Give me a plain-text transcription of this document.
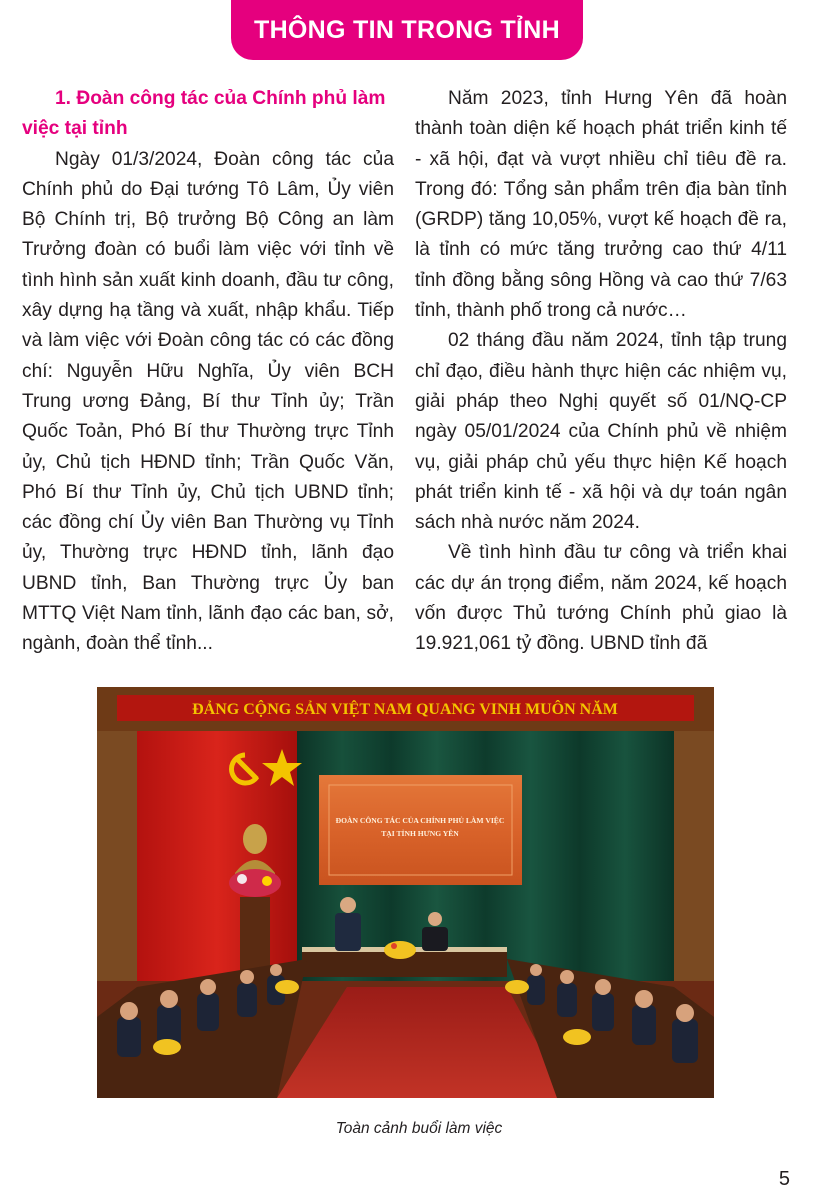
THÔNG TIN TRONG TỈNH
1. Đoàn công tác của Chính phủ làm việc tại tỉnh

Ngày 01/3/2024, Đoàn công tác của Chính phủ do Đại tướng Tô Lâm, Ủy viên Bộ Chính trị, Bộ trưởng Bộ Công an làm Trưởng đoàn có buổi làm việc với tỉnh về tình hình sản xuất kinh doanh, đầu tư công, xây dựng hạ tầng và xuất, nhập khẩu. Tiếp và làm việc với Đoàn công tác có các đồng chí: Nguyễn Hữu Nghĩa, Ủy viên BCH Trung ương Đảng, Bí thư Tỉnh ủy; Trần Quốc Toản, Phó Bí thư Thường trực Tỉnh ủy, Chủ tịch HĐND tỉnh; Trần Quốc Văn, Phó Bí thư Tỉnh ủy, Chủ tịch UBND tỉnh; các đồng chí Ủy viên Ban Thường vụ Tỉnh ủy, Thường trực HĐND tỉnh, lãnh đạo UBND tỉnh, Ban Thường trực Ủy ban MTTQ Việt Nam tỉnh, lãnh đạo các ban, sở, ngành, đoàn thể tỉnh...

Năm 2023, tỉnh Hưng Yên đã hoàn thành toàn diện kế hoạch phát triển kinh tế - xã hội, đạt và vượt nhiều chỉ tiêu đề ra. Trong đó: Tổng sản phẩm trên địa bàn tỉnh (GRDP) tăng 10,05%, vượt kế hoạch đề ra, là tỉnh có mức tăng trưởng cao thứ 4/11 tỉnh đồng bằng sông Hồng và cao thứ 7/63 tỉnh, thành phố trong cả nước…

02 tháng đầu năm 2024, tỉnh tập trung chỉ đạo, điều hành thực hiện các nhiệm vụ, giải pháp theo Nghị quyết số 01/NQ-CP ngày 05/01/2024 của Chính phủ về nhiệm vụ, giải pháp chủ yếu thực hiện Kế hoạch phát triển kinh tế - xã hội và dự toán ngân sách nhà nước năm 2024.

Về tình hình đầu tư công và triển khai các dự án trọng điểm, năm 2024, kế hoạch vốn được Thủ tướng Chính phủ giao là 19.921,061 tỷ đồng. UBND tỉnh đã

ĐẢNG CỘNG SẢN VIỆT NAM QUANG VINH MUÔN NĂM
ĐOÀN CÔNG TÁC CỦA CHÍNH PHỦ LÀM VIỆC
TẠI TỈNH HƯNG YÊN
Toàn cảnh buổi làm việc
5
